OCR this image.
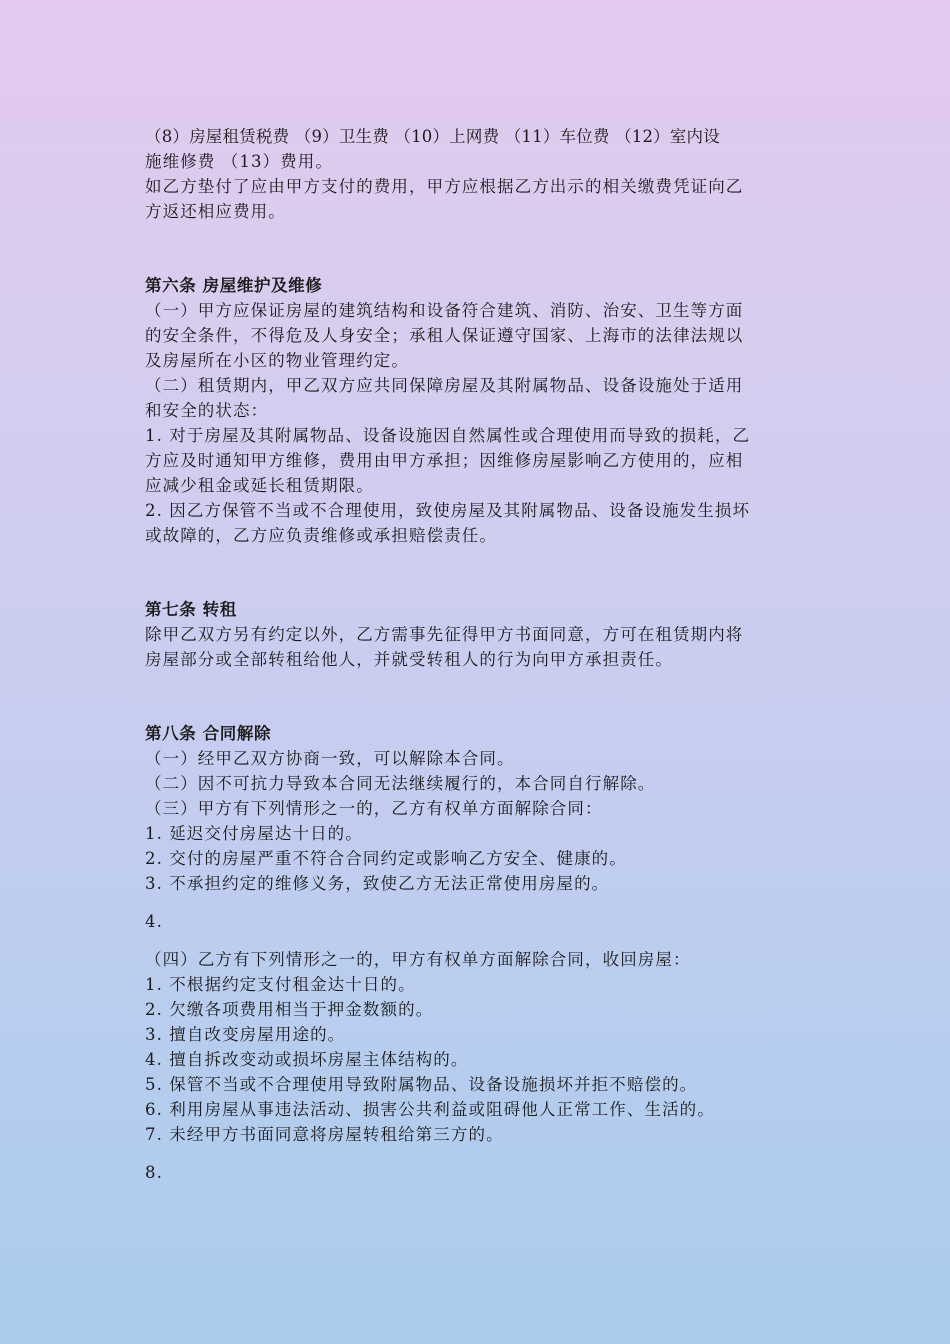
（8）房屋租赁税费 （9）卫生费 （10）上网费 （11）车位费 （12）室内设
施维修费 （13）费用。
如乙方垫付了应由甲方支付的费用，甲方应根据乙方出示的相关缴费凭证向乙
方返还相应费用。
第六条 房屋维护及维修
（一）甲方应保证房屋的建筑结构和设备符合建筑、消防、治安、卫生等方面
的安全条件，不得危及人身安全；承租人保证遵守国家、上海市的法律法规以
及房屋所在小区的物业管理约定。
（二）租赁期内，甲乙双方应共同保障房屋及其附属物品、设备设施处于适用
和安全的状态：
1. 对于房屋及其附属物品、设备设施因自然属性或合理使用而导致的损耗，乙
方应及时通知甲方维修，费用由甲方承担；因维修房屋影响乙方使用的，应相
应减少租金或延长租赁期限。
2. 因乙方保管不当或不合理使用，致使房屋及其附属物品、设备设施发生损坏
或故障的，乙方应负责维修或承担赔偿责任。
第七条 转租
除甲乙双方另有约定以外，乙方需事先征得甲方书面同意，方可在租赁期内将
房屋部分或全部转租给他人，并就受转租人的行为向甲方承担责任。
第八条 合同解除
（一）经甲乙双方协商一致，可以解除本合同。
（二）因不可抗力导致本合同无法继续履行的，本合同自行解除。
（三）甲方有下列情形之一的，乙方有权单方面解除合同：
1. 延迟交付房屋达十日的。
2. 交付的房屋严重不符合合同约定或影响乙方安全、健康的。
3. 不承担约定的维修义务，致使乙方无法正常使用房屋的。
4.
（四）乙方有下列情形之一的，甲方有权单方面解除合同，收回房屋：
1. 不根据约定支付租金达十日的。
2. 欠缴各项费用相当于押金数额的。
3. 擅自改变房屋用途的。
4. 擅自拆改变动或损坏房屋主体结构的。
5. 保管不当或不合理使用导致附属物品、设备设施损坏并拒不赔偿的。
6. 利用房屋从事违法活动、损害公共利益或阻碍他人正常工作、生活的。
7. 未经甲方书面同意将房屋转租给第三方的。
8.
